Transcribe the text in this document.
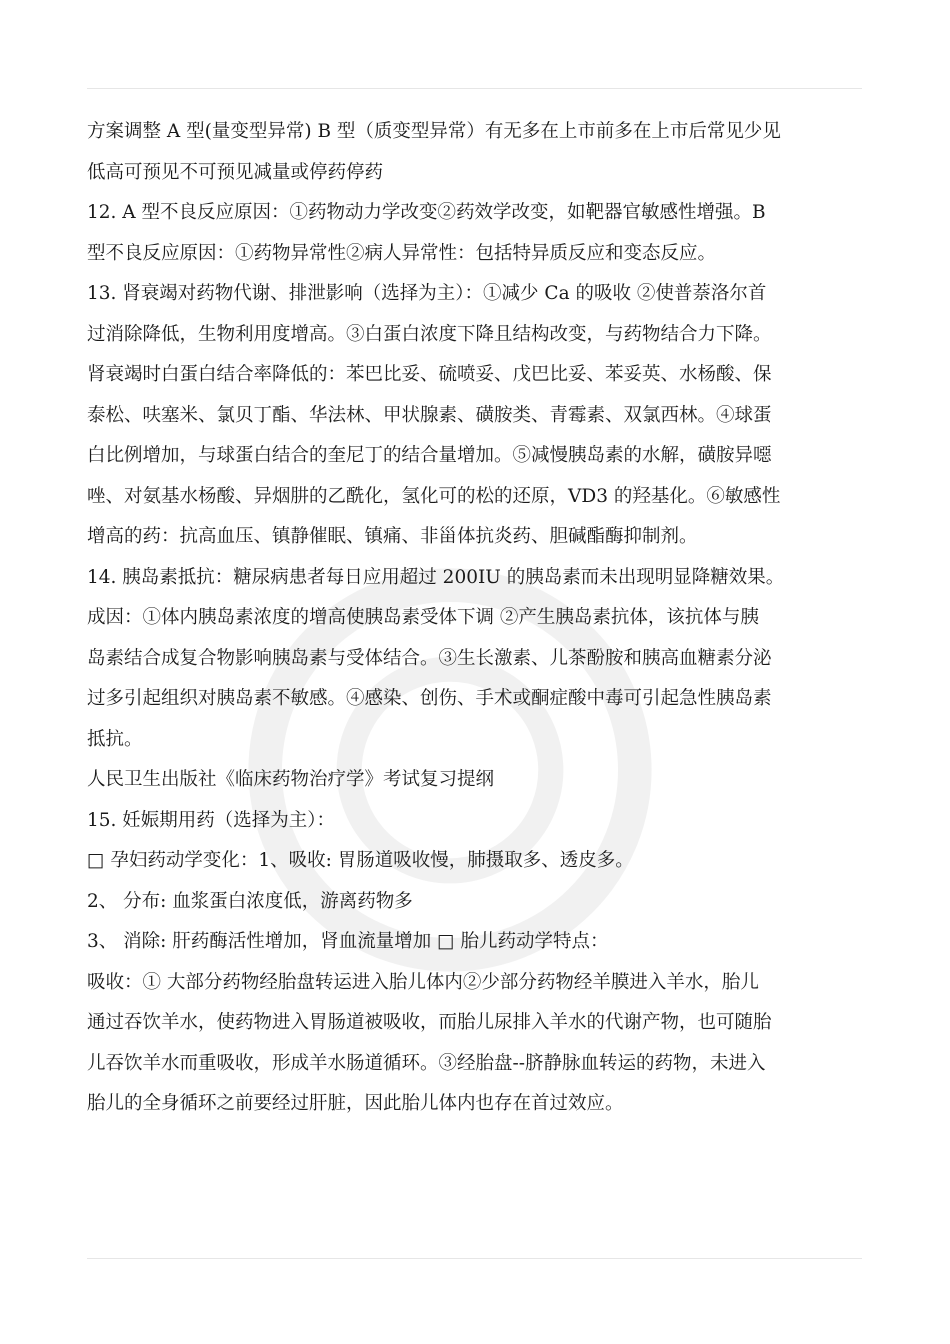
方案调整 A 型(量变型异常) B 型（质变型异常）有无多在上市前多在上市后常见少见

低高可预见不可预见减量或停药停药

12. A 型不良反应原因：①药物动力学改变②药效学改变，如靶器官敏感性增强。B

型不良反应原因：①药物异常性②病人异常性：包括特异质反应和变态反应。

13. 肾衰竭对药物代谢、排泄影响（选择为主）：①减少 Ca 的吸收 ②使普萘洛尔首

过消除降低，生物利用度增高。③白蛋白浓度下降且结构改变，与药物结合力下降。

肾衰竭时白蛋白结合率降低的：苯巴比妥、硫喷妥、戊巴比妥、苯妥英、水杨酸、保

泰松、呋塞米、氯贝丁酯、华法林、甲状腺素、磺胺类、青霉素、双氯西林。④球蛋

白比例增加，与球蛋白结合的奎尼丁的结合量增加。⑤减慢胰岛素的水解，磺胺异噁

唑、对氨基水杨酸、异烟肼的乙酰化，氢化可的松的还原，VD3 的羟基化。⑥敏感性

增高的药：抗高血压、镇静催眠、镇痛、非甾体抗炎药、胆碱酯酶抑制剂。

14. 胰岛素抵抗：糖尿病患者每日应用超过 200IU 的胰岛素而未出现明显降糖效果。

成因：①体内胰岛素浓度的增高使胰岛素受体下调 ②产生胰岛素抗体，该抗体与胰

岛素结合成复合物影响胰岛素与受体结合。③生长激素、儿茶酚胺和胰高血糖素分泌

过多引起组织对胰岛素不敏感。④感染、创伤、手术或酮症酸中毒可引起急性胰岛素

抵抗。

人民卫生出版社《临床药物治疗学》考试复习提纲

15. 妊娠期用药（选择为主）：

□ 孕妇药动学变化：1、吸收: 胃肠道吸收慢，肺摄取多、透皮多。

2、 分布: 血浆蛋白浓度低，游离药物多

3、 消除: 肝药酶活性增加，肾血流量增加 □ 胎儿药动学特点：

吸收：① 大部分药物经胎盘转运进入胎儿体内②少部分药物经羊膜进入羊水，胎儿

通过吞饮羊水，使药物进入胃肠道被吸收，而胎儿尿排入羊水的代谢产物，也可随胎

儿吞饮羊水而重吸收，形成羊水肠道循环。③经胎盘--脐静脉血转运的药物，未进入

胎儿的全身循环之前要经过肝脏，因此胎儿体内也存在首过效应。
